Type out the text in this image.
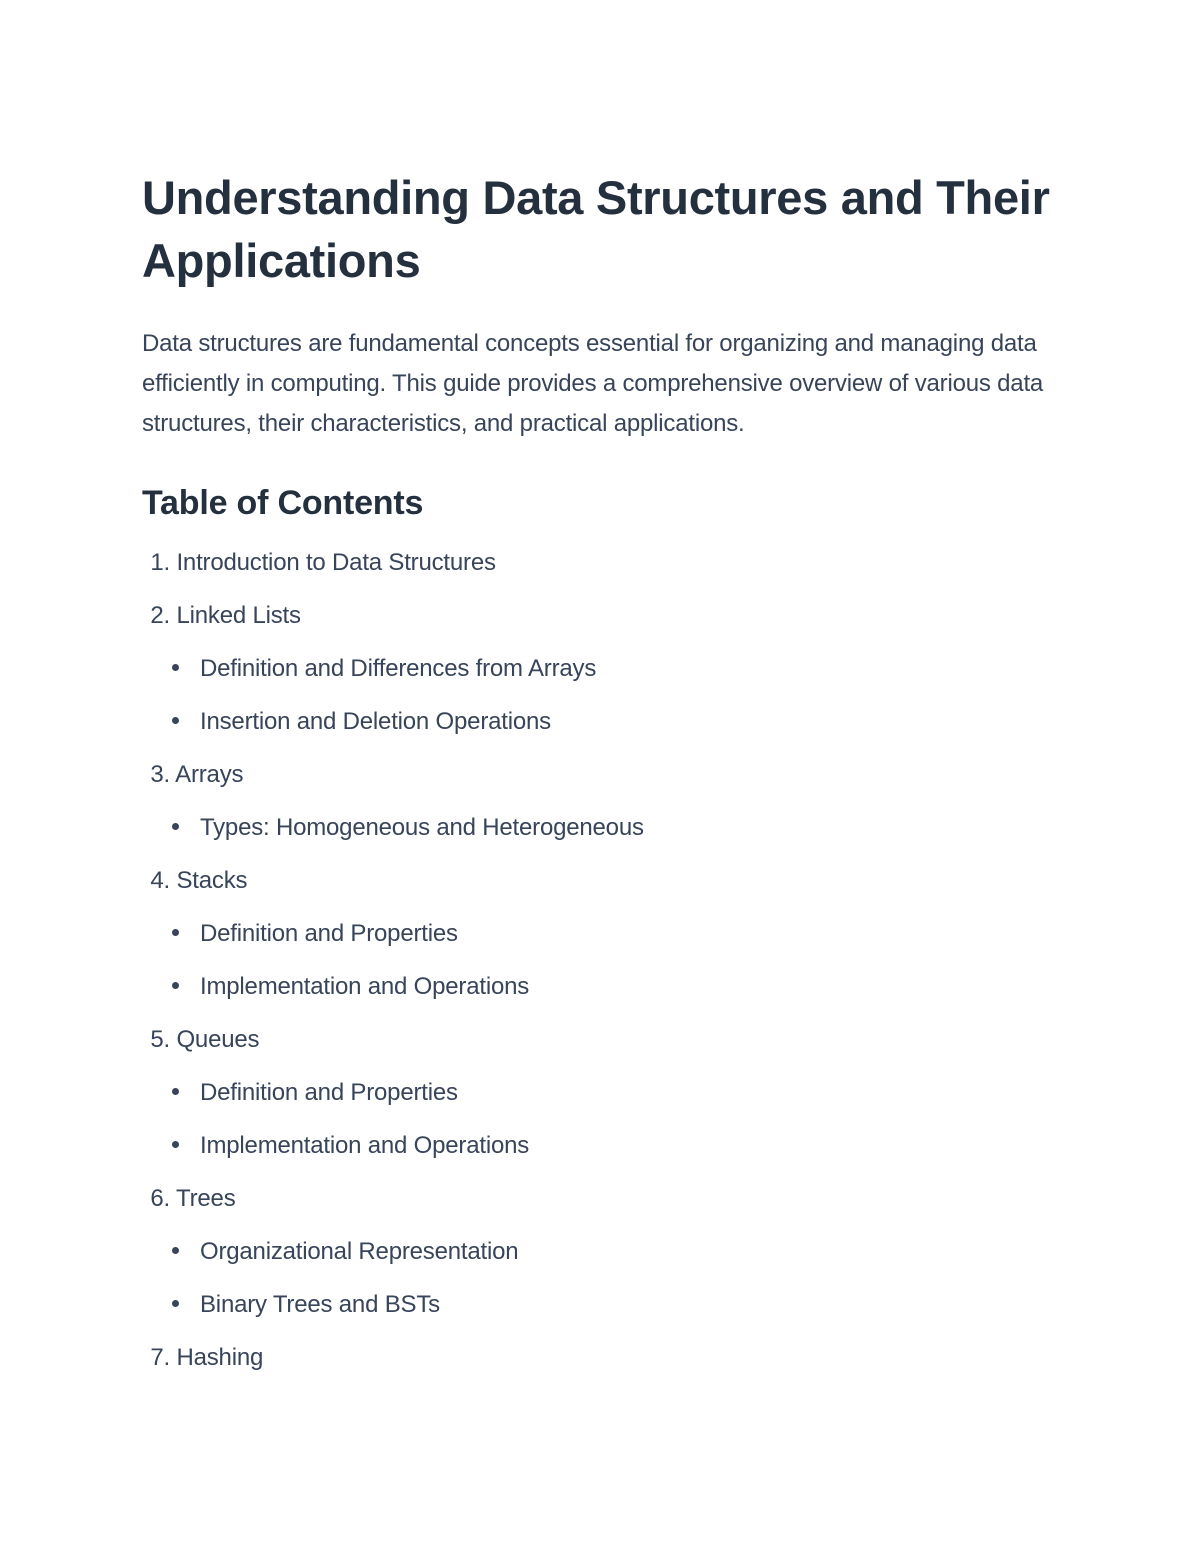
Understanding Data Structures and Their Applications

Data structures are fundamental concepts essential for organizing and managing data efficiently in computing. This guide provides a comprehensive overview of various data structures, their characteristics, and practical applications.

Table of Contents
1. Introduction to Data Structures
2. Linked Lists
Definition and Differences from Arrays
Insertion and Deletion Operations
3. Arrays
Types: Homogeneous and Heterogeneous
4. Stacks
Definition and Properties
Implementation and Operations
5. Queues
Definition and Properties
Implementation and Operations
6. Trees
Organizational Representation
Binary Trees and BSTs
7. Hashing
